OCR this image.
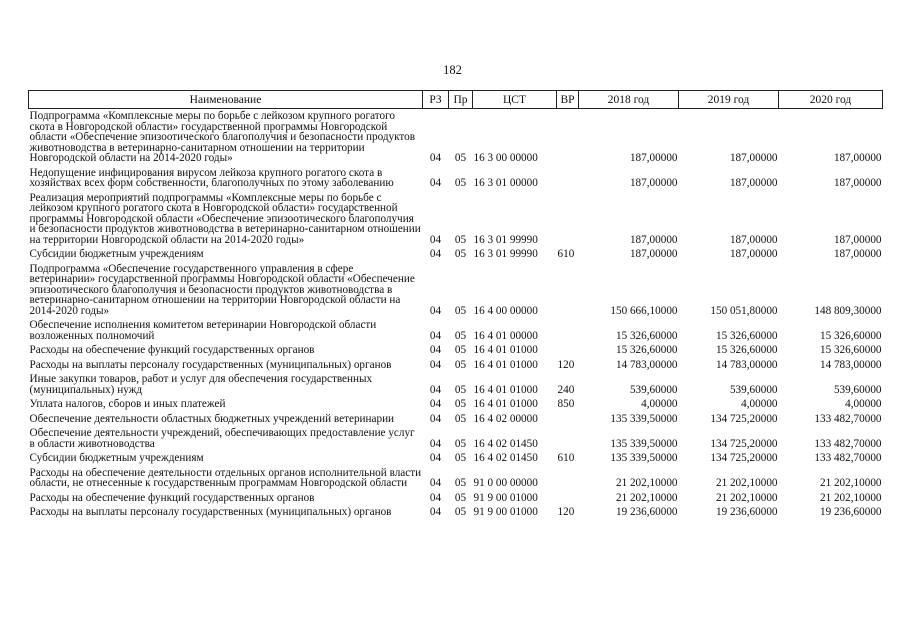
182
Наименование	РЗ	Пр	ЦСТ	ВР	2018 год	2019 год	2020 год
Подпрограмма «Комплексные меры по борьбе с лейкозом крупного рогатого скота в Новгородской области» государственной программы Новгородской области «Обеспечение эпизоотического благополучия и безопасности продуктов животноводства в ветеринарно-санитарном отношении на территории Новгородской области на 2014-2020 годы»	04	05	16 3 00 00000		187,00000	187,00000	187,00000
Недопущение инфицирования вирусом лейкоза крупного рогатого скота в хозяйствах всех форм собственности, благополучных по этому заболеванию	04	05	16 3 01 00000		187,00000	187,00000	187,00000
Реализация мероприятий подпрограммы «Комплексные меры по борьбе с лейкозом крупного рогатого скота в Новгородской области» государственной программы Новгородской области «Обеспечение эпизоотического благополучия и безопасности продуктов животноводства в ветеринарно-санитарном отношении на территории Новгородской области на 2014-2020 годы»	04	05	16 3 01 99990		187,00000	187,00000	187,00000
Субсидии бюджетным учреждениям	04	05	16 3 01 99990	610	187,00000	187,00000	187,00000
Подпрограмма «Обеспечение государственного управления в сфере ветеринарии» государственной программы Новгородской области «Обеспечение эпизоотического благополучия и безопасности продуктов животноводства в ветеринарно-санитарном отношении на территории Новгородской области на 2014-2020 годы»	04	05	16 4 00 00000		150 666,10000	150 051,80000	148 809,30000
Обеспечение исполнения комитетом ветеринарии Новгородской области возложенных полномочий	04	05	16 4 01 00000		15 326,60000	15 326,60000	15 326,60000
Расходы на обеспечение функций государственных органов	04	05	16 4 01 01000		15 326,60000	15 326,60000	15 326,60000
Расходы на выплаты персоналу государственных (муниципальных) органов	04	05	16 4 01 01000	120	14 783,00000	14 783,00000	14 783,00000
Иные закупки товаров, работ и услуг для обеспечения государственных (муниципальных) нужд	04	05	16 4 01 01000	240	539,60000	539,60000	539,60000
Уплата налогов, сборов и иных платежей	04	05	16 4 01 01000	850	4,00000	4,00000	4,00000
Обеспечение деятельности областных бюджетных учреждений ветеринарии	04	05	16 4 02 00000		135 339,50000	134 725,20000	133 482,70000
Обеспечение деятельности учреждений, обеспечивающих предоставление услуг в области животноводства	04	05	16 4 02 01450		135 339,50000	134 725,20000	133 482,70000
Субсидии бюджетным учреждениям	04	05	16 4 02 01450	610	135 339,50000	134 725,20000	133 482,70000
Расходы на обеспечение деятельности отдельных органов исполнительной власти области, не отнесенные к государственным программам Новгородской области	04	05	91 0 00 00000		21 202,10000	21 202,10000	21 202,10000
Расходы на обеспечение функций государственных органов	04	05	91 9 00 01000		21 202,10000	21 202,10000	21 202,10000
Расходы на выплаты персоналу государственных (муниципальных) органов	04	05	91 9 00 01000	120	19 236,60000	19 236,60000	19 236,60000
